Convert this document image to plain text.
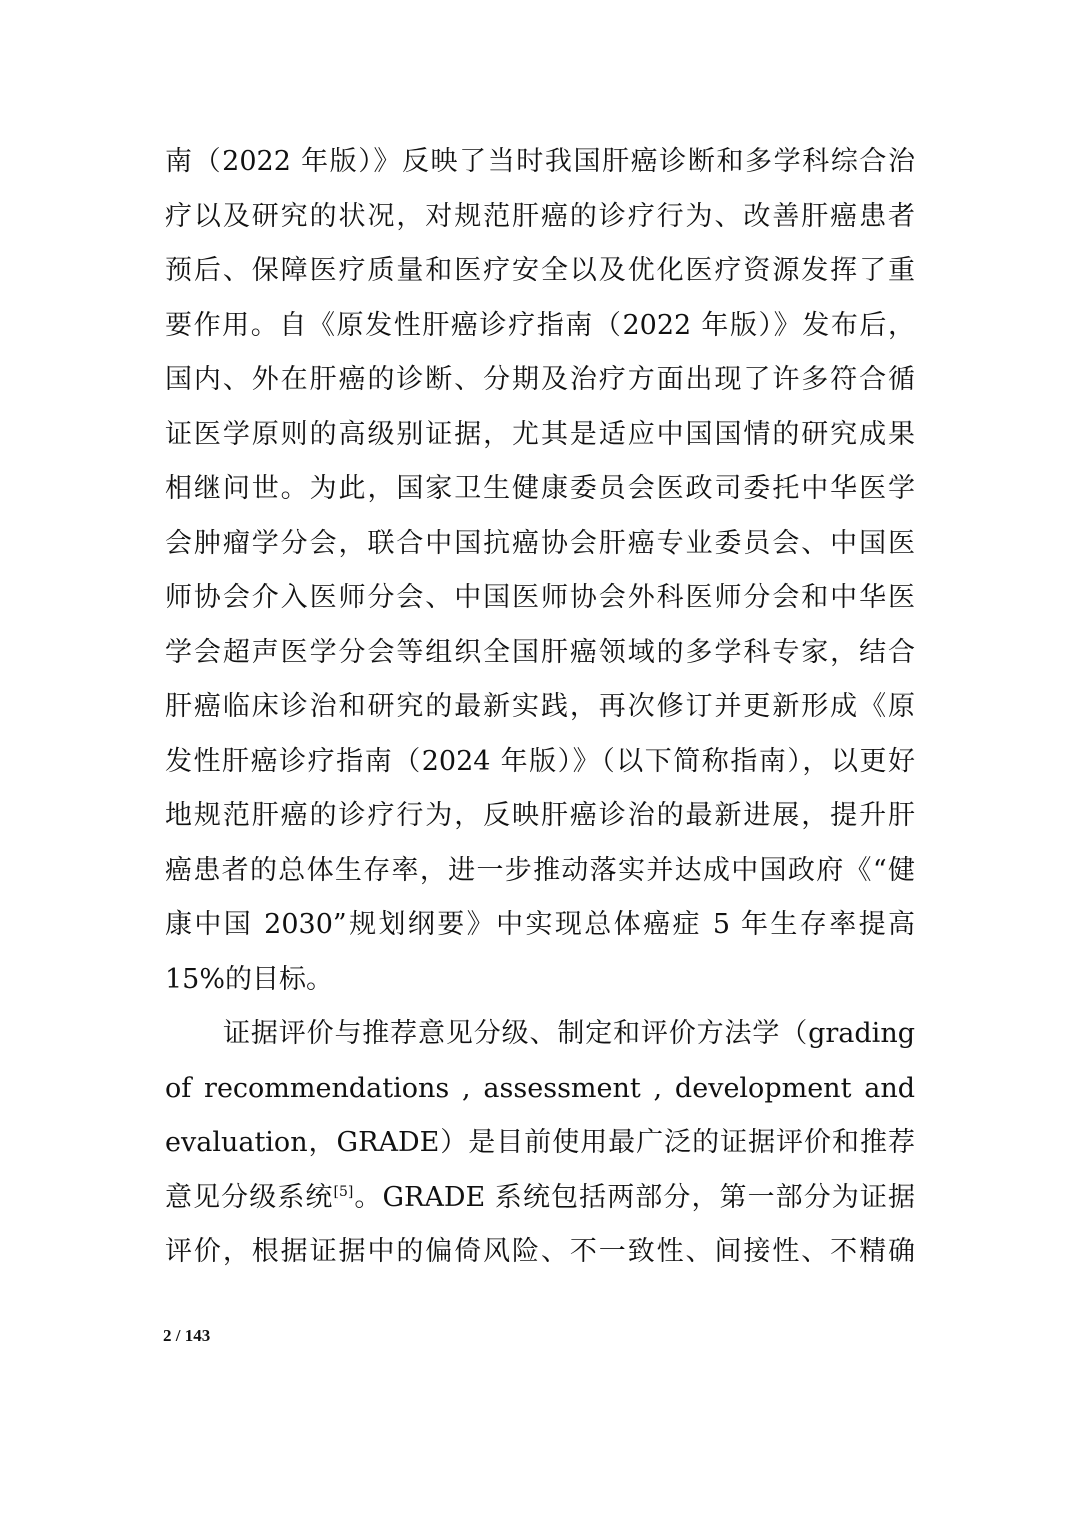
南（2022 年版）》反映了当时我国肝癌诊断和多学科综合治
疗以及研究的状况，对规范肝癌的诊疗行为、改善肝癌患者
预后、保障医疗质量和医疗安全以及优化医疗资源发挥了重
要作用。自《原发性肝癌诊疗指南（2022 年版）》发布后，
国内、外在肝癌的诊断、分期及治疗方面出现了许多符合循
证医学原则的高级别证据，尤其是适应中国国情的研究成果
相继问世。为此，国家卫生健康委员会医政司委托中华医学
会肿瘤学分会，联合中国抗癌协会肝癌专业委员会、中国医
师协会介入医师分会、中国医师协会外科医师分会和中华医
学会超声医学分会等组织全国肝癌领域的多学科专家，结合
肝癌临床诊治和研究的最新实践，再次修订并更新形成《原
发性肝癌诊疗指南（2024 年版）》（以下简称指南），以更好
地规范肝癌的诊疗行为，反映肝癌诊治的最新进展，提升肝
癌患者的总体生存率，进一步推动落实并达成中国政府《“健
康中国 2030”规划纲要》中实现总体癌症 5 年生存率提高
15%的目标。
证据评价与推荐意见分级、制定和评价方法学（grading
of recommendations , assessment , development and
evaluation，GRADE）是目前使用最广泛的证据评价和推荐
意见分级系统[5]。GRADE 系统包括两部分，第一部分为证据
评价，根据证据中的偏倚风险、不一致性、间接性、不精确
2 / 143
